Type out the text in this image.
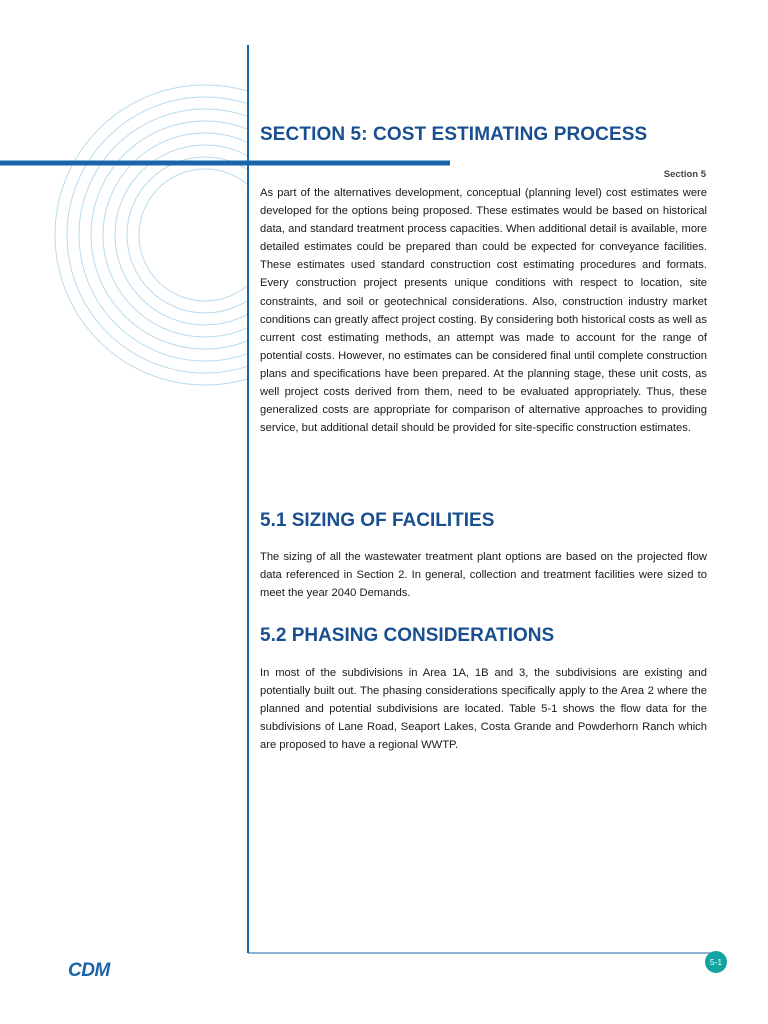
SECTION 5: COST ESTIMATING PROCESS
Section 5

As part of the alternatives development, conceptual (planning level) cost estimates were developed for the options being proposed. These estimates would be based on historical data, and standard treatment process capacities. When additional detail is available, more detailed estimates could be prepared than could be expected for conveyance facilities. These estimates used standard construction cost estimating procedures and formats. Every construction project presents unique conditions with respect to location, site constraints, and soil or geotechnical considerations. Also, construction industry market conditions can greatly affect project costing. By considering both historical costs as well as current cost estimating methods, an attempt was made to account for the range of potential costs. However, no estimates can be considered final until complete construction plans and specifications have been prepared. At the planning stage, these unit costs, as well project costs derived from them, need to be evaluated appropriately. Thus, these generalized costs are appropriate for comparison of alternative approaches to providing service, but additional detail should be provided for site-specific construction estimates.

5.1 SIZING OF FACILITIES

The sizing of all the wastewater treatment plant options are based on the projected flow data referenced in Section 2. In general, collection and treatment facilities were sized to meet the year 2040 Demands.

5.2 PHASING CONSIDERATIONS

In most of the subdivisions in Area 1A, 1B and 3, the subdivisions are existing and potentially built out. The phasing considerations specifically apply to the Area 2 where the planned and potential subdivisions are located. Table 5-1 shows the flow data for the subdivisions of Lane Road, Seaport Lakes, Costa Grande and Powderhorn Ranch which are proposed to have a regional WWTP.

CDM	5-1
